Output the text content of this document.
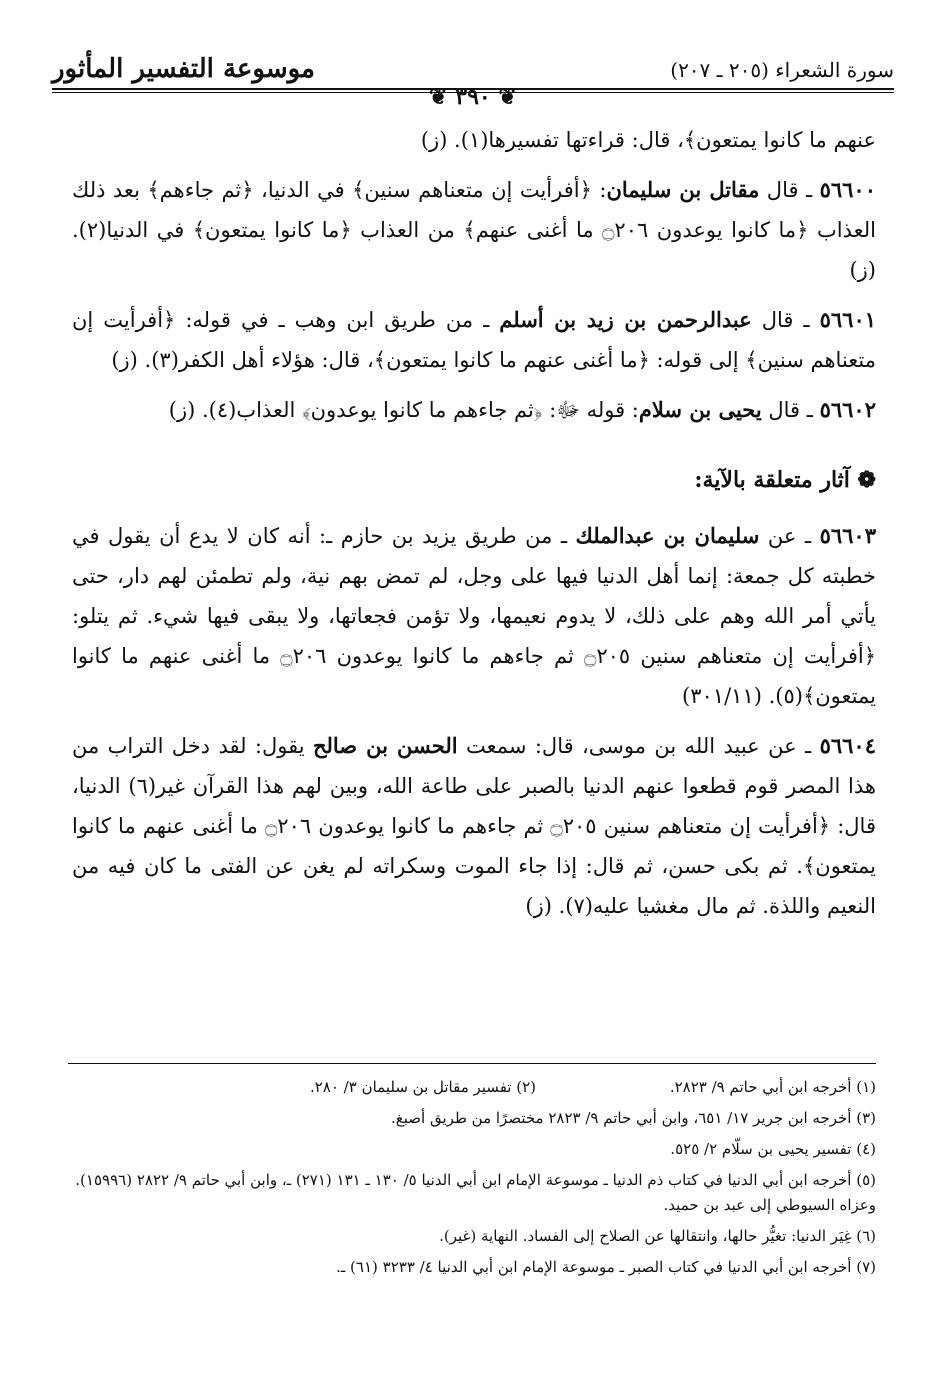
موسوعة التفسير المأثور	سورة الشعراء (٢٠٥ ـ ٢٠٧)
❦ ٣٩٠ ❦

عنهم ما كانوا يمتعون﴾، قال: قراءتها تفسيرها(١). (ز)

٥٦٦٠٠ ـ قال مقاتل بن سليمان: ﴿أفرأيت إن متعناهم سنين﴾ في الدنيا، ﴿ثم جاءهم﴾ بعد ذلك العذاب ﴿ما كانوا يوعدون ۝٢٠٦ ما أغنى عنهم﴾ من العذاب ﴿ما كانوا يمتعون﴾ في الدنيا(٢). (ز)

٥٦٦٠١ ـ قال عبدالرحمن بن زيد بن أسلم ـ من طريق ابن وهب ـ في قوله: ﴿أفرأيت إن متعناهم سنين﴾ إلى قوله: ﴿ما أغنى عنهم ما كانوا يمتعون﴾، قال: هؤلاء أهل الكفر(٣). (ز)

٥٦٦٠٢ ـ قال يحيى بن سلام: قوله ﷻ: ﴿ثم جاءهم ما كانوا يوعدون﴾ العذاب(٤). (ز)

❁ آثار متعلقة بالآية:

٥٦٦٠٣ ـ عن سليمان بن عبدالملك ـ من طريق يزيد بن حازم ـ: أنه كان لا يدع أن يقول في خطبته كل جمعة: إنما أهل الدنيا فيها على وجل، لم تمض بهم نية، ولم تطمئن لهم دار، حتى يأتي أمر الله وهم على ذلك، لا يدوم نعيمها، ولا تؤمن فجعاتها، ولا يبقى فيها شيء. ثم يتلو: ﴿أفرأيت إن متعناهم سنين ۝٢٠٥ ثم جاءهم ما كانوا يوعدون ۝٢٠٦ ما أغنى عنهم ما كانوا يمتعون﴾(٥). (٣٠١/١١)

٥٦٦٠٤ ـ عن عبيد الله بن موسى، قال: سمعت الحسن بن صالح يقول: لقد دخل التراب من هذا المصر قوم قطعوا عنهم الدنيا بالصبر على طاعة الله، وبين لهم هذا القرآن غير(٦) الدنيا، قال: ﴿أفرأيت إن متعناهم سنين ۝٢٠٥ ثم جاءهم ما كانوا يوعدون ۝٢٠٦ ما أغنى عنهم ما كانوا يمتعون﴾. ثم بكى حسن، ثم قال: إذا جاء الموت وسكراته لم يغن عن الفتى ما كان فيه من النعيم واللذة. ثم مال مغشيا عليه(٧). (ز)

(١) أخرجه ابن أبي حاتم ٩/ ٢٨٢٣.(٢) تفسير مقاتل بن سليمان ٣/ ٢٨٠.
(٣) أخرجه ابن جرير ١٧/ ٦٥١، وابن أبي حاتم ٩/ ٢٨٢٣ مختصرًا من طريق أصبغ.
(٤) تفسير يحيى بن سلّام ٢/ ٥٢٥.
(٥) أخرجه ابن أبي الدنيا في كتاب ذم الدنيا ـ موسوعة الإمام ابن أبي الدنيا ٥/ ١٣٠ ـ ١٣١ (٢٧١) ـ، وابن أبي حاتم ٩/ ٢٨٢٢ (١٥٩٩٦). وعزاه السيوطي إلى عبد بن حميد.
(٦) غِيَر الدنيا: تغيُّر حالها، وانتقالها عن الصلاح إلى الفساد. النهاية (غير).
(٧) أخرجه ابن أبي الدنيا في كتاب الصبر ـ موسوعة الإمام ابن أبي الدنيا ٤/ ٣٢٣٣ (٦١) ـ.
